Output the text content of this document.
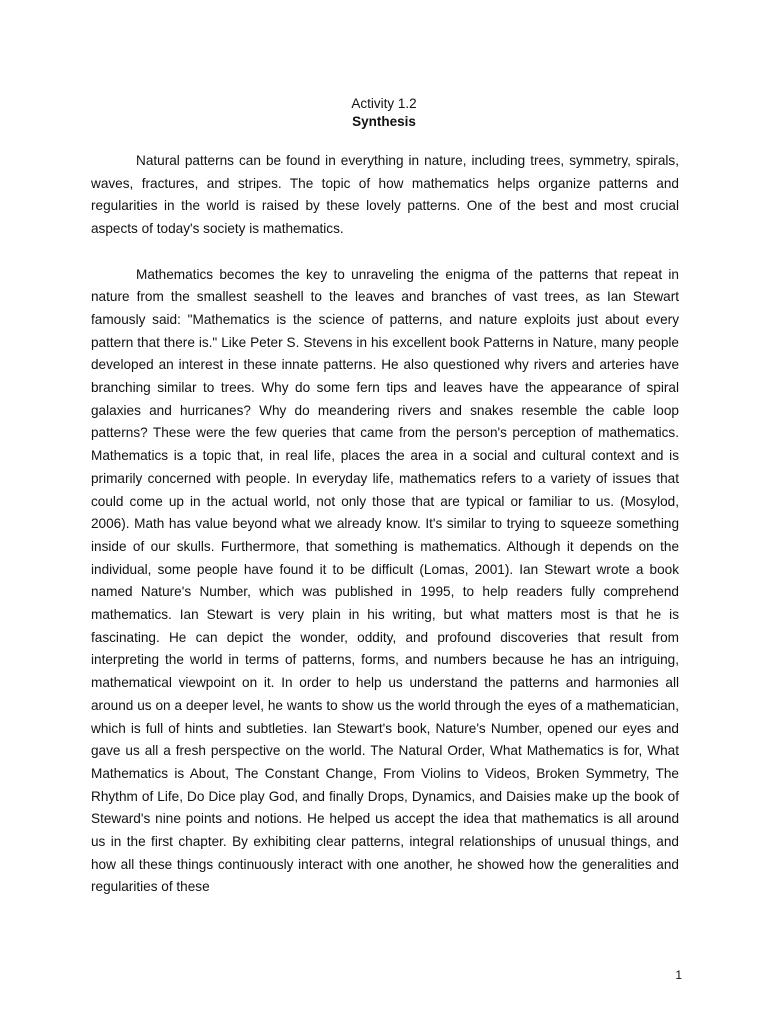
Activity 1.2
Synthesis

Natural patterns can be found in everything in nature, including trees, symmetry, spirals, waves, fractures, and stripes. The topic of how mathematics helps organize patterns and regularities in the world is raised by these lovely patterns. One of the best and most crucial aspects of today's society is mathematics.

Mathematics becomes the key to unraveling the enigma of the patterns that repeat in nature from the smallest seashell to the leaves and branches of vast trees, as Ian Stewart famously said: "Mathematics is the science of patterns, and nature exploits just about every pattern that there is." Like Peter S. Stevens in his excellent book Patterns in Nature, many people developed an interest in these innate patterns. He also questioned why rivers and arteries have branching similar to trees. Why do some fern tips and leaves have the appearance of spiral galaxies and hurricanes? Why do meandering rivers and snakes resemble the cable loop patterns? These were the few queries that came from the person's perception of mathematics. Mathematics is a topic that, in real life, places the area in a social and cultural context and is primarily concerned with people. In everyday life, mathematics refers to a variety of issues that could come up in the actual world, not only those that are typical or familiar to us. (Mosylod, 2006). Math has value beyond what we already know. It's similar to trying to squeeze something inside of our skulls. Furthermore, that something is mathematics. Although it depends on the individual, some people have found it to be difficult (Lomas, 2001). Ian Stewart wrote a book named Nature's Number, which was published in 1995, to help readers fully comprehend mathematics. Ian Stewart is very plain in his writing, but what matters most is that he is fascinating. He can depict the wonder, oddity, and profound discoveries that result from interpreting the world in terms of patterns, forms, and numbers because he has an intriguing, mathematical viewpoint on it. In order to help us understand the patterns and harmonies all around us on a deeper level, he wants to show us the world through the eyes of a mathematician, which is full of hints and subtleties. Ian Stewart's book, Nature's Number, opened our eyes and gave us all a fresh perspective on the world. The Natural Order, What Mathematics is for, What Mathematics is About, The Constant Change, From Violins to Videos, Broken Symmetry, The Rhythm of Life, Do Dice play God, and finally Drops, Dynamics, and Daisies make up the book of Steward's nine points and notions. He helped us accept the idea that mathematics is all around us in the first chapter. By exhibiting clear patterns, integral relationships of unusual things, and how all these things continuously interact with one another, he showed how the generalities and regularities of these

1
